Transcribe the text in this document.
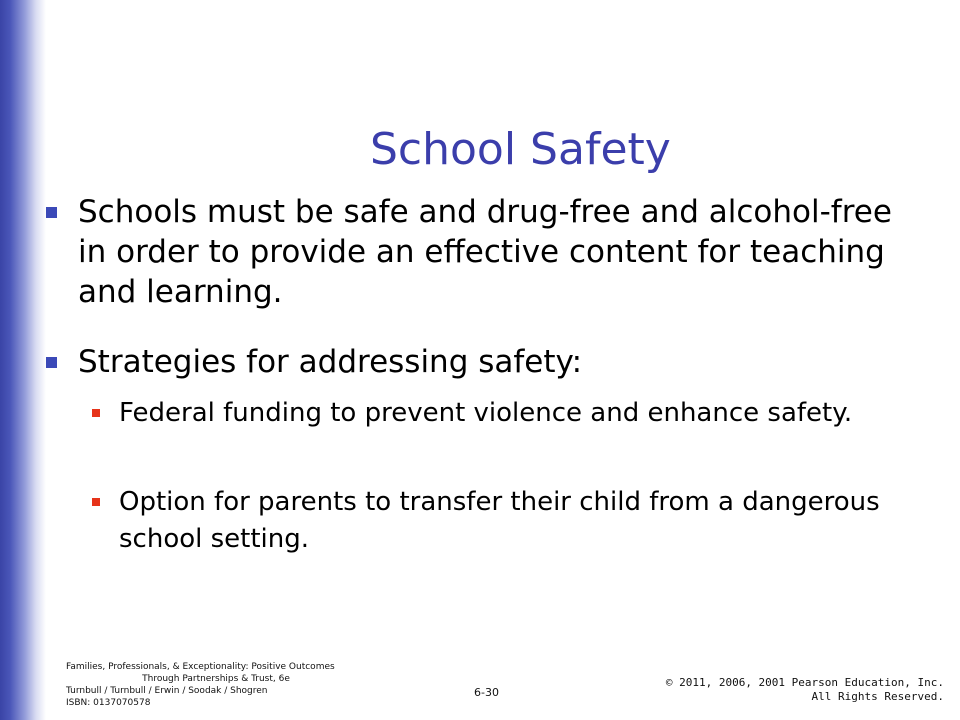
School Safety
Schools must be safe and drug-free and alcohol-free in order to provide an effective content for teaching and learning.
Strategies for addressing safety:
Federal funding to prevent violence and enhance safety.
Option for parents to transfer their child from a dangerous school setting.
Families, Professionals, & Exceptionality: Positive Outcomes
Through Partnerships & Trust, 6e
Turnbull / Turnbull / Erwin / Soodak / Shogren
ISBN: 0137070578
6-30
© 2011, 2006, 2001 Pearson Education, Inc.
All Rights Reserved.
